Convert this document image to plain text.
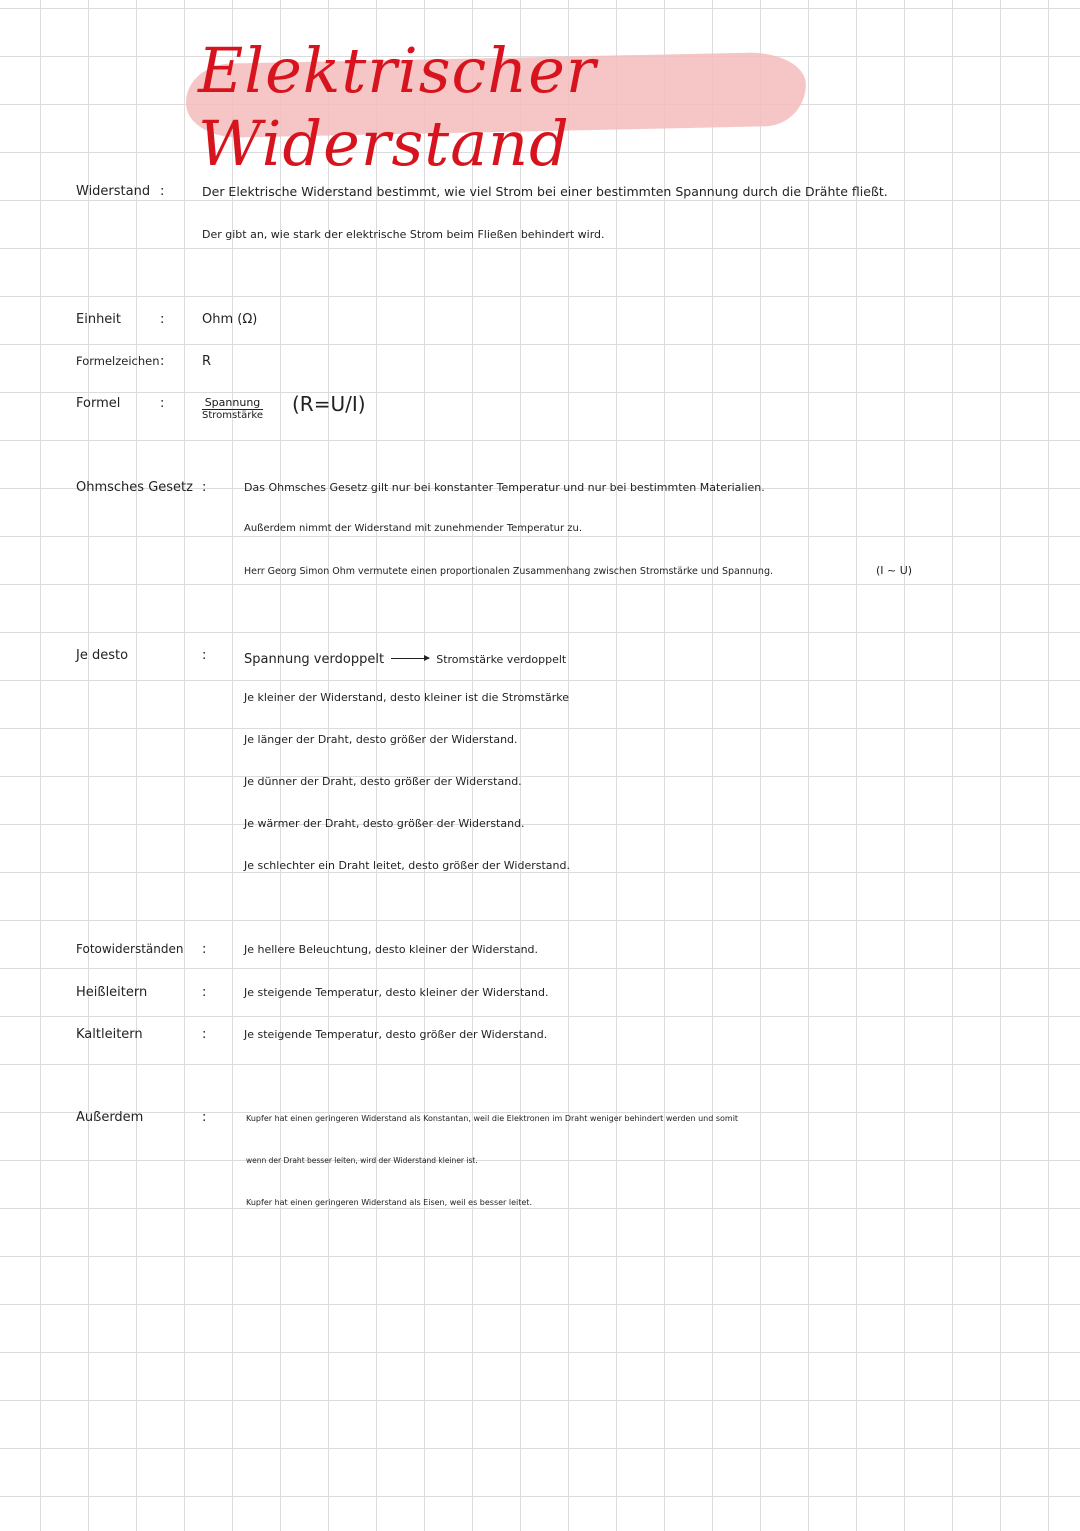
Elektrischer Widerstand
Widerstand :	Der Elektrische Widerstand bestimmt, wie viel Strom bei einer bestimmten Spannung durch die Drähte fließt.
Der gibt an, wie stark der elektrische Strom beim Fließen behindert wird.
Einheit	:	Ohm (Ω)
Formelzeichen :	R
Formel	:	Spannung
Stromstärke (R=U/I)
Ohmsches Gesetz :	Das Ohmsches Gesetz gilt nur bei konstanter Temperatur und nur bei bestimmten Materialien.
Außerdem nimmt der Widerstand mit zunehmender Temperatur zu.
Herr Georg Simon Ohm vermutete einen proportionalen Zusammenhang zwischen Stromstärke und Spannung.	(I ~ U)
Je desto	:	Spannung verdoppelt	Stromstärke verdoppelt
Je kleiner der Widerstand, desto kleiner ist die Stromstärke
Je länger der Draht, desto größer der Widerstand.
Je dünner der Draht, desto größer der Widerstand.
Je wärmer der Draht, desto größer der Widerstand.
Je schlechter ein Draht leitet, desto größer der Widerstand.
Fotowiderständen :	Je hellere Beleuchtung, desto kleiner der Widerstand.
Heißleitern	:	Je steigende Temperatur, desto kleiner der Widerstand.
Kaltleitern	:	Je steigende Temperatur, desto größer der Widerstand.
Außerdem	:	Kupfer hat einen geringeren Widerstand als Konstantan, weil die Elektronen im Draht weniger behindert werden und somit
wenn der Draht besser leiten, wird der Widerstand kleiner ist.
Kupfer hat einen geringeren Widerstand als Eisen, weil es besser leitet.
